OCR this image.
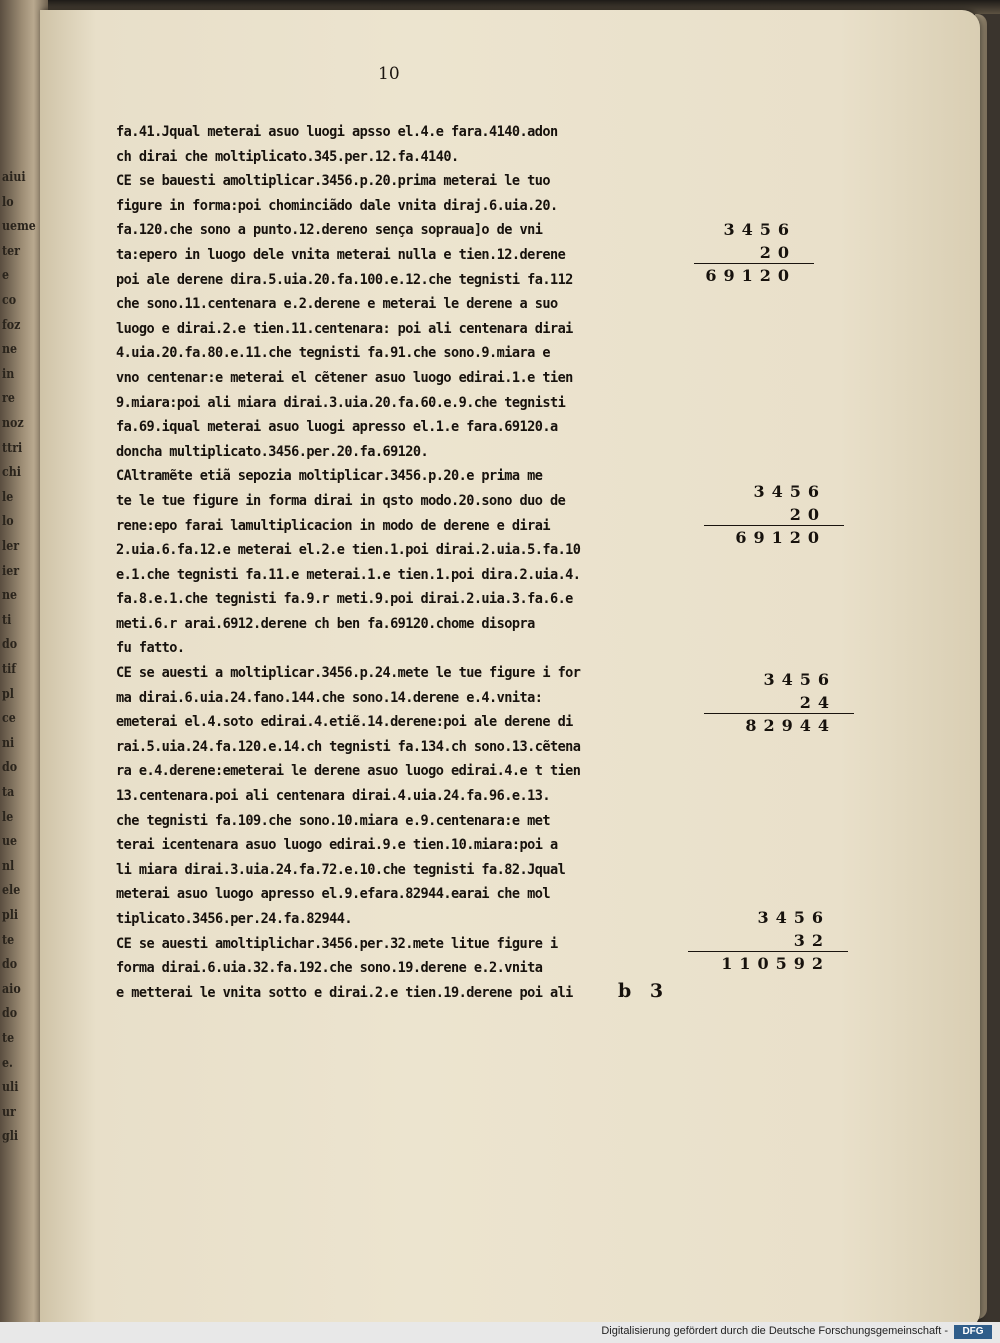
aiui
lo
ueme
ter
e
co
foz
ne
in
re
noz
ttri
chi
le
lo
ler
ier
ne
ti
do
tif
pl
ce
ni
do
ta
le
ue
nl
ele
pli
te
do
aio
do
te
e.
uli
ur
gli
10
fa.41.Jqual meterai asuo luogi apsso el.4.e fara.4140.adon
ch dirai che moltiplicato.345.per.12.fa.4140.
CE se bauesti amoltiplicar.3456.p.20.prima meterai le tuo
figure in forma:poi chominciãdo dale vnita diraj.6.uia.20.
fa.120.che sono a punto.12.dereno sença sopraua]o de vni
ta:epero in luogo dele vnita meterai nulla e tien.12.derene
poi ale derene dira.5.uia.20.fa.100.e.12.che tegnisti fa.112
che sono.11.centenara e.2.derene e meterai le derene a suo
luogo e dirai.2.e tien.11.centenara: poi ali centenara dirai
4.uia.20.fa.80.e.11.che tegnisti fa.91.che sono.9.miara e
vno centenar:e meterai el cẽtener asuo luogo edirai.1.e tien
9.miara:poi ali miara dirai.3.uia.20.fa.60.e.9.che tegnisti
fa.69.iqual meterai asuo luogi apresso el.1.e fara.69120.a
doncha multiplicato.3456.per.20.fa.69120.
CAltramẽte etiã sepozia moltiplicar.3456.p.20.e prima me
te le tue figure in forma dirai in qsto modo.20.sono duo de
rene:epo farai lamultiplicacion in modo de derene e dirai
2.uia.6.fa.12.e meterai el.2.e tien.1.poi dirai.2.uia.5.fa.10
e.1.che tegnisti fa.11.e meterai.1.e tien.1.poi dira.2.uia.4.
fa.8.e.1.che tegnisti fa.9.r meti.9.poi dirai.2.uia.3.fa.6.e
meti.6.r arai.6912.derene ch ben fa.69120.chome disopra
fu fatto.
CE se auesti a moltiplicar.3456.p.24.mete le tue figure i for
ma dirai.6.uia.24.fano.144.che sono.14.derene e.4.vnita:
emeterai el.4.soto edirai.4.etiẽ.14.derene:poi ale derene di
rai.5.uia.24.fa.120.e.14.ch tegnisti fa.134.ch sono.13.cẽtena
ra e.4.derene:emeterai le derene asuo luogo edirai.4.e t tien
13.centenara.poi ali centenara dirai.4.uia.24.fa.96.e.13.
che tegnisti fa.109.che sono.10.miara e.9.centenara:e met
terai icentenara asuo luogo edirai.9.e tien.10.miara:poi a
li miara dirai.3.uia.24.fa.72.e.10.che tegnisti fa.82.Jqual
meterai asuo luogo apresso el.9.efara.82944.earai che mol
tiplicato.3456.per.24.fa.82944.
CE se auesti amoltiplichar.3456.per.32.mete litue figure i
forma dirai.6.uia.32.fa.192.che sono.19.derene e.2.vnita
e metterai le vnita sotto e dirai.2.e tien.19.derene poi ali
3456
20
69120
3456
20
69120
3456
24
82944
3456
32
110592
b 3
Digitalisierung gefördert durch die Deutsche Forschungsgemeinschaft -	DFG
